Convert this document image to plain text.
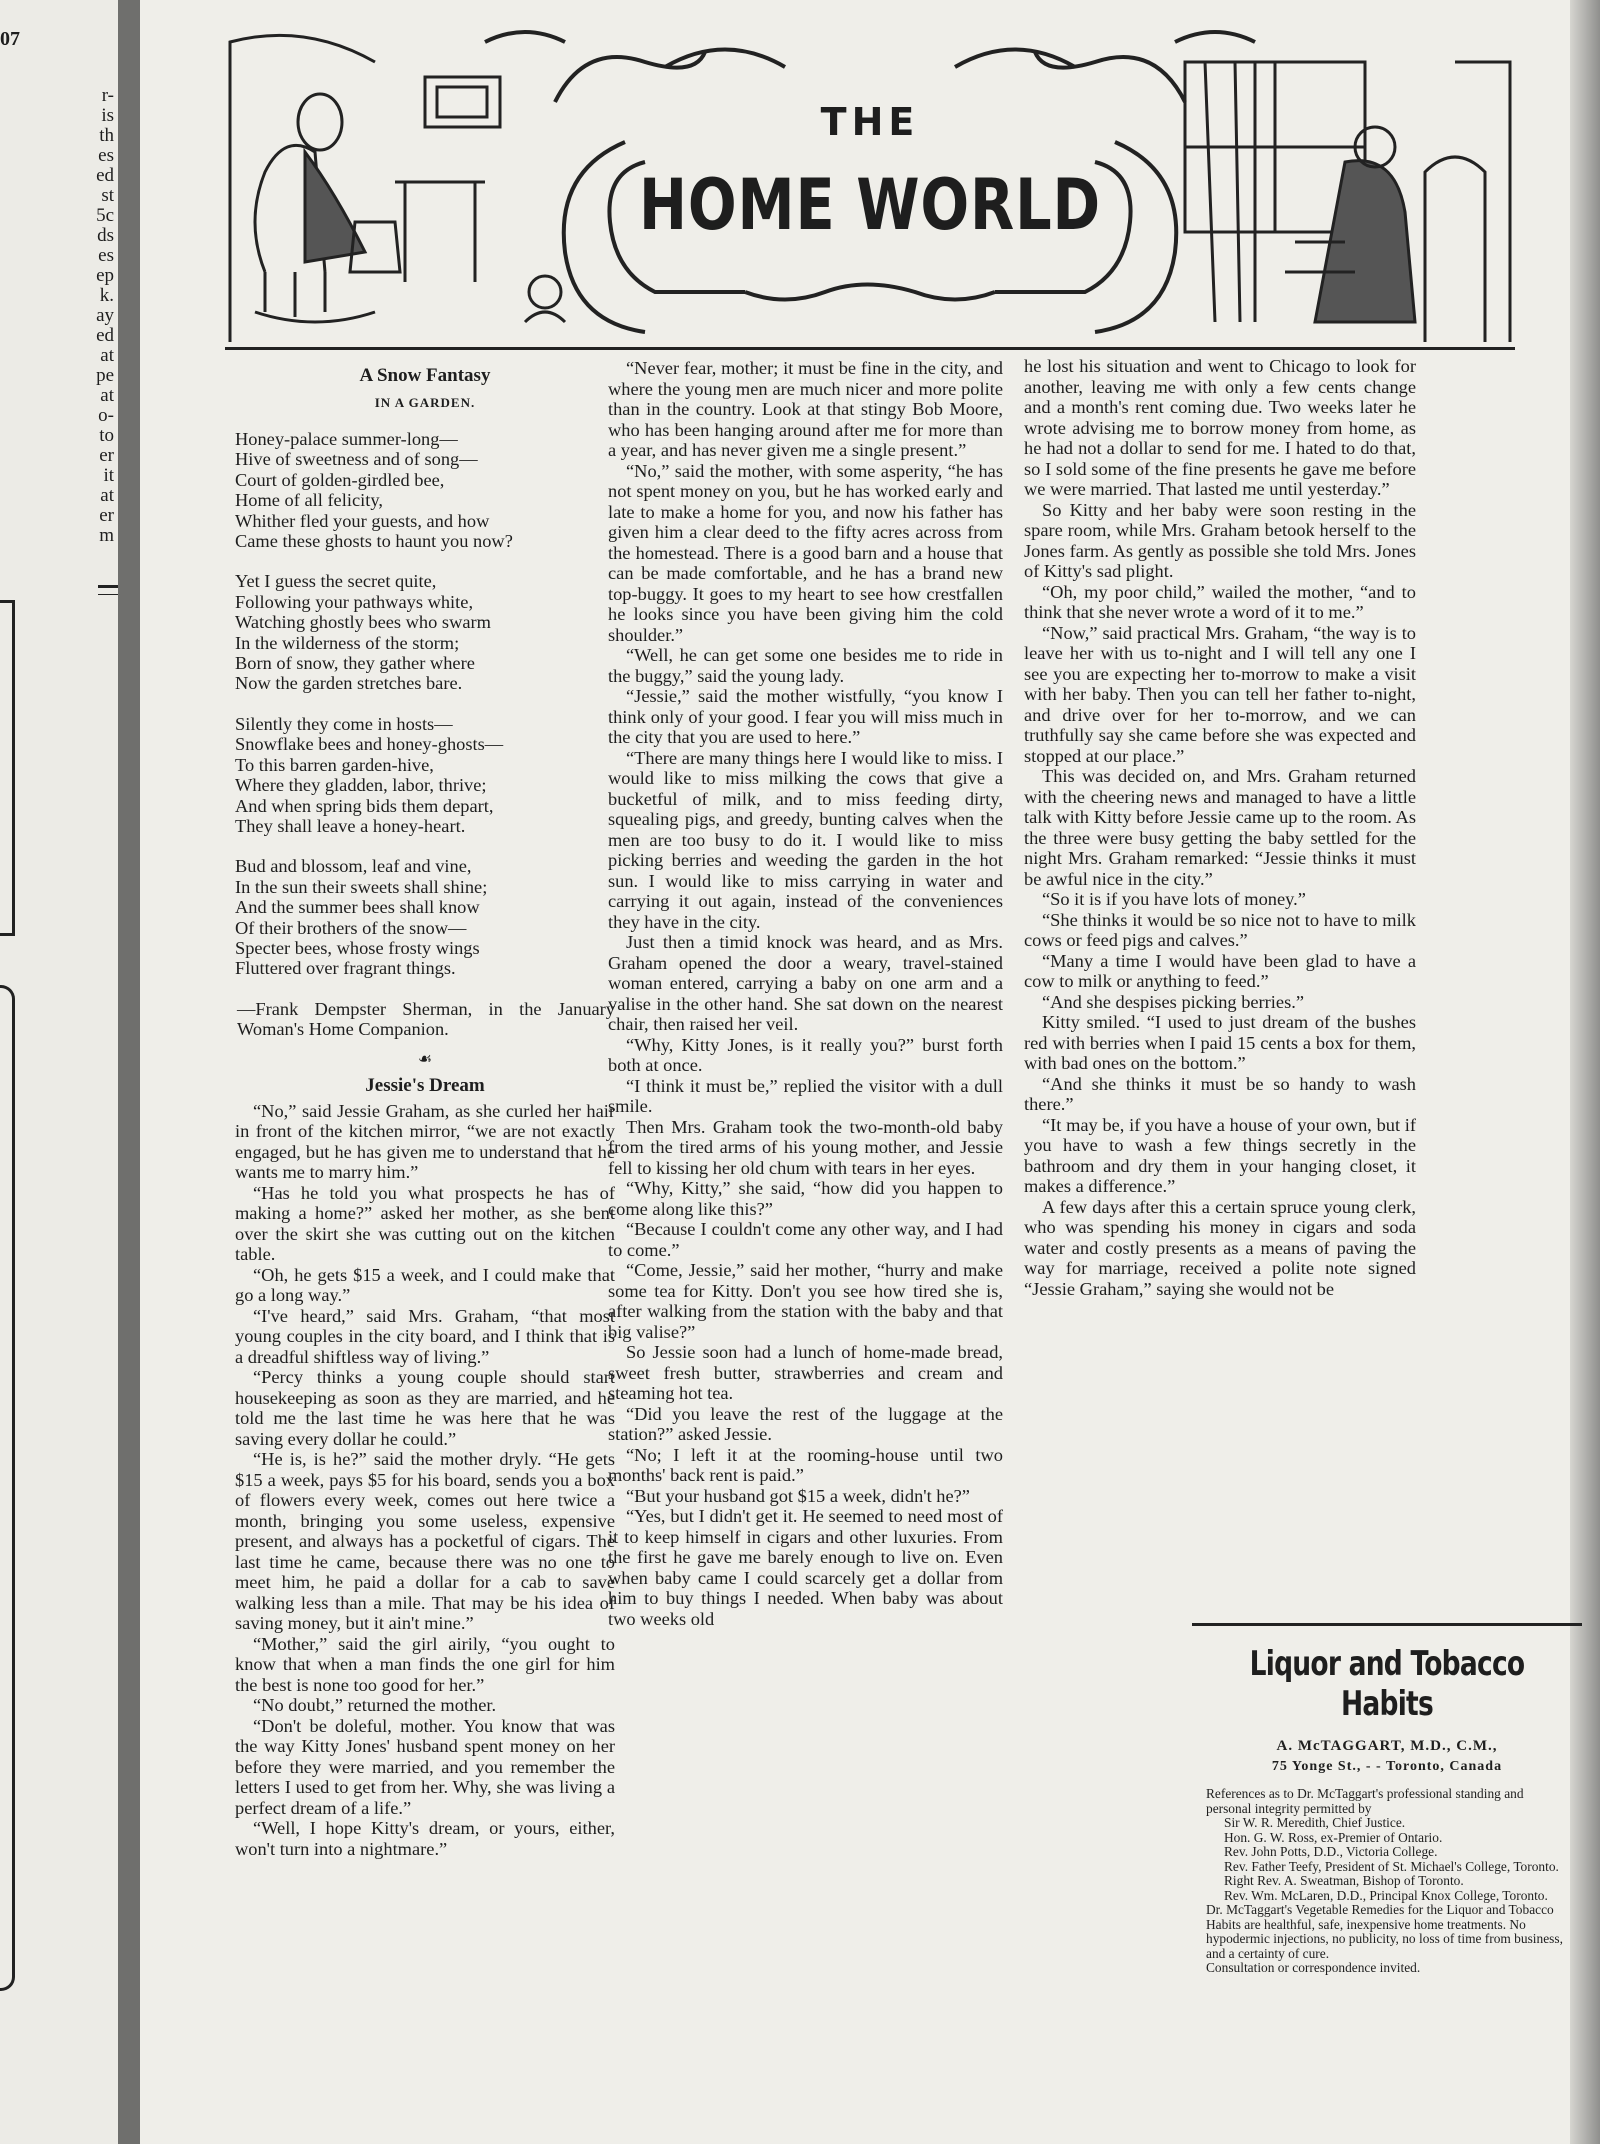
07
r-
is
th
es
ed
st
5c
ds
es
ep
k.
ay
ed
at
pe
at
o-
to
er
it
at
er
m
THE
HOME WORLD
A Snow Fantasy
IN A GARDEN.
Honey-palace summer-long—
Hive of sweetness and of song—
Court of golden-girdled bee,
Home of all felicity,
Whither fled your guests, and how
Came these ghosts to haunt you now?
Yet I guess the secret quite,
Following your pathways white,
Watching ghostly bees who swarm
In the wilderness of the storm;
Born of snow, they gather where
Now the garden stretches bare.
Silently they come in hosts—
Snowflake bees and honey-ghosts—
To this barren garden-hive,
Where they gladden, labor, thrive;
And when spring bids them depart,
They shall leave a honey-heart.
Bud and blossom, leaf and vine,
In the sun their sweets shall shine;
And the summer bees shall know
Of their brothers of the snow—
Specter bees, whose frosty wings
Fluttered over fragrant things.
—Frank Dempster Sherman, in the January Woman's Home Companion.
☙
Jessie's Dream

“No,” said Jessie Graham, as she curled her hair in front of the kitchen mirror, “we are not exactly engaged, but he has given me to understand that he wants me to marry him.”

“Has he told you what prospects he has of making a home?” asked her mother, as she bent over the skirt she was cutting out on the kitchen table.

“Oh, he gets $15 a week, and I could make that go a long way.”

“I've heard,” said Mrs. Graham, “that most young couples in the city board, and I think that is a dreadful shiftless way of living.”

“Percy thinks a young couple should start housekeeping as soon as they are married, and he told me the last time he was here that he was saving every dollar he could.”

“He is, is he?” said the mother dryly. “He gets $15 a week, pays $5 for his board, sends you a box of flowers every week, comes out here twice a month, bringing you some useless, expensive present, and always has a pocketful of cigars. The last time he came, because there was no one to meet him, he paid a dollar for a cab to save walking less than a mile. That may be his idea of saving money, but it ain't mine.”

“Mother,” said the girl airily, “you ought to know that when a man finds the one girl for him the best is none too good for her.”

“No doubt,” returned the mother.

“Don't be doleful, mother. You know that was the way Kitty Jones' husband spent money on her before they were married, and you remember the letters I used to get from her. Why, she was living a perfect dream of a life.”

“Well, I hope Kitty's dream, or yours, either, won't turn into a nightmare.”

“Never fear, mother; it must be fine in the city, and where the young men are much nicer and more polite than in the country. Look at that stingy Bob Moore, who has been hanging around after me for more than a year, and has never given me a single present.”

“No,” said the mother, with some asperity, “he has not spent money on you, but he has worked early and late to make a home for you, and now his father has given him a clear deed to the fifty acres across from the homestead. There is a good barn and a house that can be made comfortable, and he has a brand new top-buggy. It goes to my heart to see how crestfallen he looks since you have been giving him the cold shoulder.”

“Well, he can get some one besides me to ride in the buggy,” said the young lady.

“Jessie,” said the mother wistfully, “you know I think only of your good. I fear you will miss much in the city that you are used to here.”

“There are many things here I would like to miss. I would like to miss milking the cows that give a bucketful of milk, and to miss feeding dirty, squealing pigs, and greedy, bunting calves when the men are too busy to do it. I would like to miss picking berries and weeding the garden in the hot sun. I would like to miss carrying in water and carrying it out again, instead of the conveniences they have in the city.

Just then a timid knock was heard, and as Mrs. Graham opened the door a weary, travel-stained woman entered, carrying a baby on one arm and a valise in the other hand. She sat down on the nearest chair, then raised her veil.

“Why, Kitty Jones, is it really you?” burst forth both at once.

“I think it must be,” replied the visitor with a dull smile.

Then Mrs. Graham took the two-month-old baby from the tired arms of his young mother, and Jessie fell to kissing her old chum with tears in her eyes.

“Why, Kitty,” she said, “how did you happen to come along like this?”

“Because I couldn't come any other way, and I had to come.”

“Come, Jessie,” said her mother, “hurry and make some tea for Kitty. Don't you see how tired she is, after walking from the station with the baby and that big valise?”

So Jessie soon had a lunch of home-made bread, sweet fresh butter, strawberries and cream and steaming hot tea.

“Did you leave the rest of the luggage at the station?” asked Jessie.

“No; I left it at the rooming-house until two months' back rent is paid.”

“But your husband got $15 a week, didn't he?”

“Yes, but I didn't get it. He seemed to need most of it to keep himself in cigars and other luxuries. From the first he gave me barely enough to live on. Even when baby came I could scarcely get a dollar from him to buy things I needed. When baby was about two weeks old

he lost his situation and went to Chicago to look for another, leaving me with only a few cents change and a month's rent coming due. Two weeks later he wrote advising me to borrow money from home, as he had not a dollar to send for me. I hated to do that, so I sold some of the fine presents he gave me before we were married. That lasted me until yesterday.”

So Kitty and her baby were soon resting in the spare room, while Mrs. Graham betook herself to the Jones farm. As gently as possible she told Mrs. Jones of Kitty's sad plight.

“Oh, my poor child,” wailed the mother, “and to think that she never wrote a word of it to me.”

“Now,” said practical Mrs. Graham, “the way is to leave her with us to-night and I will tell any one I see you are expecting her to-morrow to make a visit with her baby. Then you can tell her father to-night, and drive over for her to-morrow, and we can truthfully say she came before she was expected and stopped at our place.”

This was decided on, and Mrs. Graham returned with the cheering news and managed to have a little talk with Kitty before Jessie came up to the room. As the three were busy getting the baby settled for the night Mrs. Graham remarked: “Jessie thinks it must be awful nice in the city.”

“So it is if you have lots of money.”

“She thinks it would be so nice not to have to milk cows or feed pigs and calves.”

“Many a time I would have been glad to have a cow to milk or anything to feed.”

“And she despises picking berries.”

Kitty smiled. “I used to just dream of the bushes red with berries when I paid 15 cents a box for them, with bad ones on the bottom.”

“And she thinks it must be so handy to wash there.”

“It may be, if you have a house of your own, but if you have to wash a few things secretly in the bathroom and dry them in your hanging closet, it makes a difference.”

A few days after this a certain spruce young clerk, who was spending his money in cigars and soda water and costly presents as a means of paving the way for marriage, received a polite note signed “Jessie Graham,” saying she would not be

Liquor and Tobacco Habits
A. McTAGGART, M.D., C.M.,
75 Yonge St., - - Toronto, Canada
References as to Dr. McTaggart's professional standing and personal integrity permitted by
Sir W. R. Meredith, Chief Justice.
Hon. G. W. Ross, ex-Premier of Ontario.
Rev. John Potts, D.D., Victoria College.
Rev. Father Teefy, President of St. Michael's College, Toronto.
Right Rev. A. Sweatman, Bishop of Toronto.
Rev. Wm. McLaren, D.D., Principal Knox College, Toronto.
Dr. McTaggart's Vegetable Remedies for the Liquor and Tobacco Habits are healthful, safe, inexpensive home treatments. No hypodermic injections, no publicity, no loss of time from business, and a certainty of cure.
Consultation or correspondence invited.
